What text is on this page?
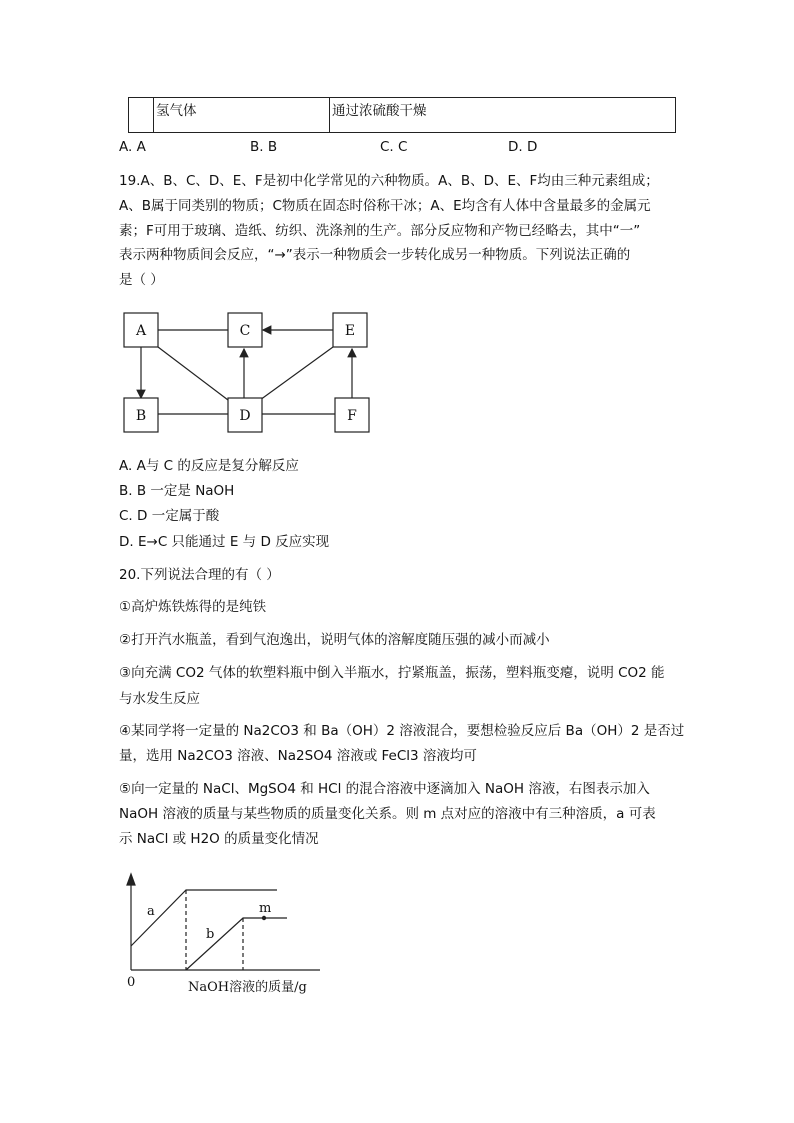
	氢气体	通过浓硫酸干燥
A. A	B. B	C. C	D. D
19.A、B、C、D、E、F是初中化学常见的六种物质。A、B、D、E、F均由三种元素组成；
A、B属于同类别的物质；C物质在固态时俗称干冰；A、E均含有人体中含量最多的金属元
素；F可用于玻璃、造纸、纺织、洗涤剂的生产。部分反应物和产物已经略去，其中“一”
表示两种物质间会反应，“→”表示一种物质会一步转化成另一种物质。下列说法正确的
是（ ）
A	C	E
B	D	F
A. A与 C 的反应是复分解反应
B. B 一定是 NaOH
C. D 一定属于酸
D. E→C 只能通过 E 与 D 反应实现
20.下列说法合理的有（ ）
①高炉炼铁炼得的是纯铁
②打开汽水瓶盖，看到气泡逸出，说明气体的溶解度随压强的减小而减小
③向充满 CO2 气体的软塑料瓶中倒入半瓶水，拧紧瓶盖，振荡，塑料瓶变瘪，说明 CO2 能
与水发生反应
④某同学将一定量的 Na2CO3 和 Ba（OH）2 溶液混合，要想检验反应后 Ba（OH）2 是否过
量，选用 Na2CO3 溶液、Na2SO4 溶液或 FeCl3 溶液均可
⑤向一定量的 NaCl、MgSO4 和 HCl 的混合溶液中逐滴加入 NaOH 溶液，右图表示加入
NaOH 溶液的质量与某些物质的质量变化关系。则 m 点对应的溶液中有三种溶质，a 可表
示 NaCl 或 H2O 的质量变化情况
a
b
m
0	NaOH溶液的质量/g
